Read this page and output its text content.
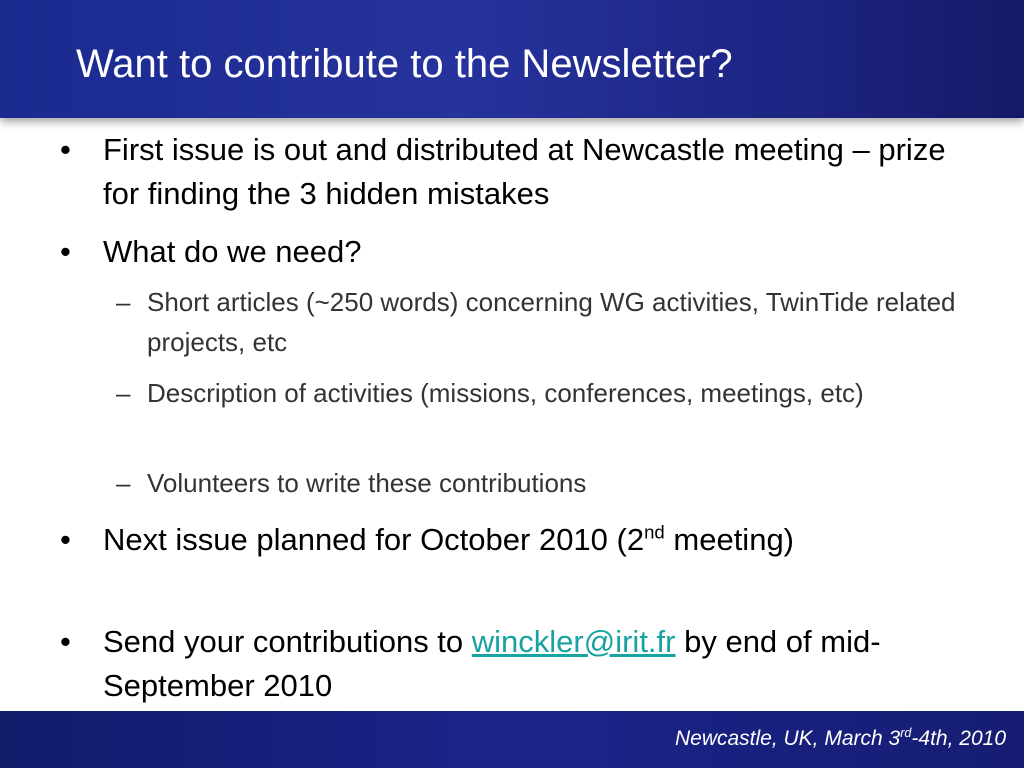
Want to contribute to the Newsletter?
• First issue is out and distributed at Newcastle meeting – prize for finding the 3 hidden mistakes
• What do we need?
– Short articles (~250 words) concerning WG activities, TwinTide related projects, etc
– Description of activities (missions, conferences, meetings, etc)
– Volunteers to write these contributions
• Next issue planned for October 2010 (2nd meeting)
• Send your contributions to winckler@irit.fr by end of mid-September 2010
Newcastle, UK, March 3rd-4th, 2010
